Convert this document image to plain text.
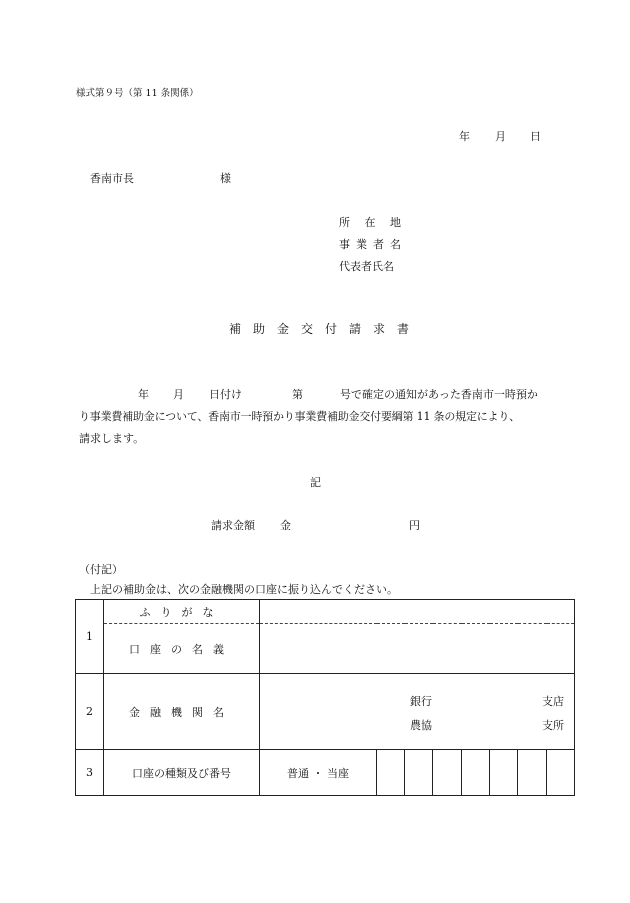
様式第９号（第 11 条関係）
年 月 日
香南市長	様
所 在 地
事 業 者 名
代表者氏名
補助金交付請求書
年 月 日付け	第	号で確定の通知があった香南市一時預か
り事業費補助金について、香南市一時預かり事業費補助金交付要綱第 11 条の規定により、
請求します。
記
請求金額 金	円
（付記）
上記の補助金は、次の金融機関の口座に振り込んでください。
1	ふりがな								
	口座の名義								
2	金融機関名	銀行 支店
農協 支所							

3	口座の種類及び番号	普通 ・ 当座							
